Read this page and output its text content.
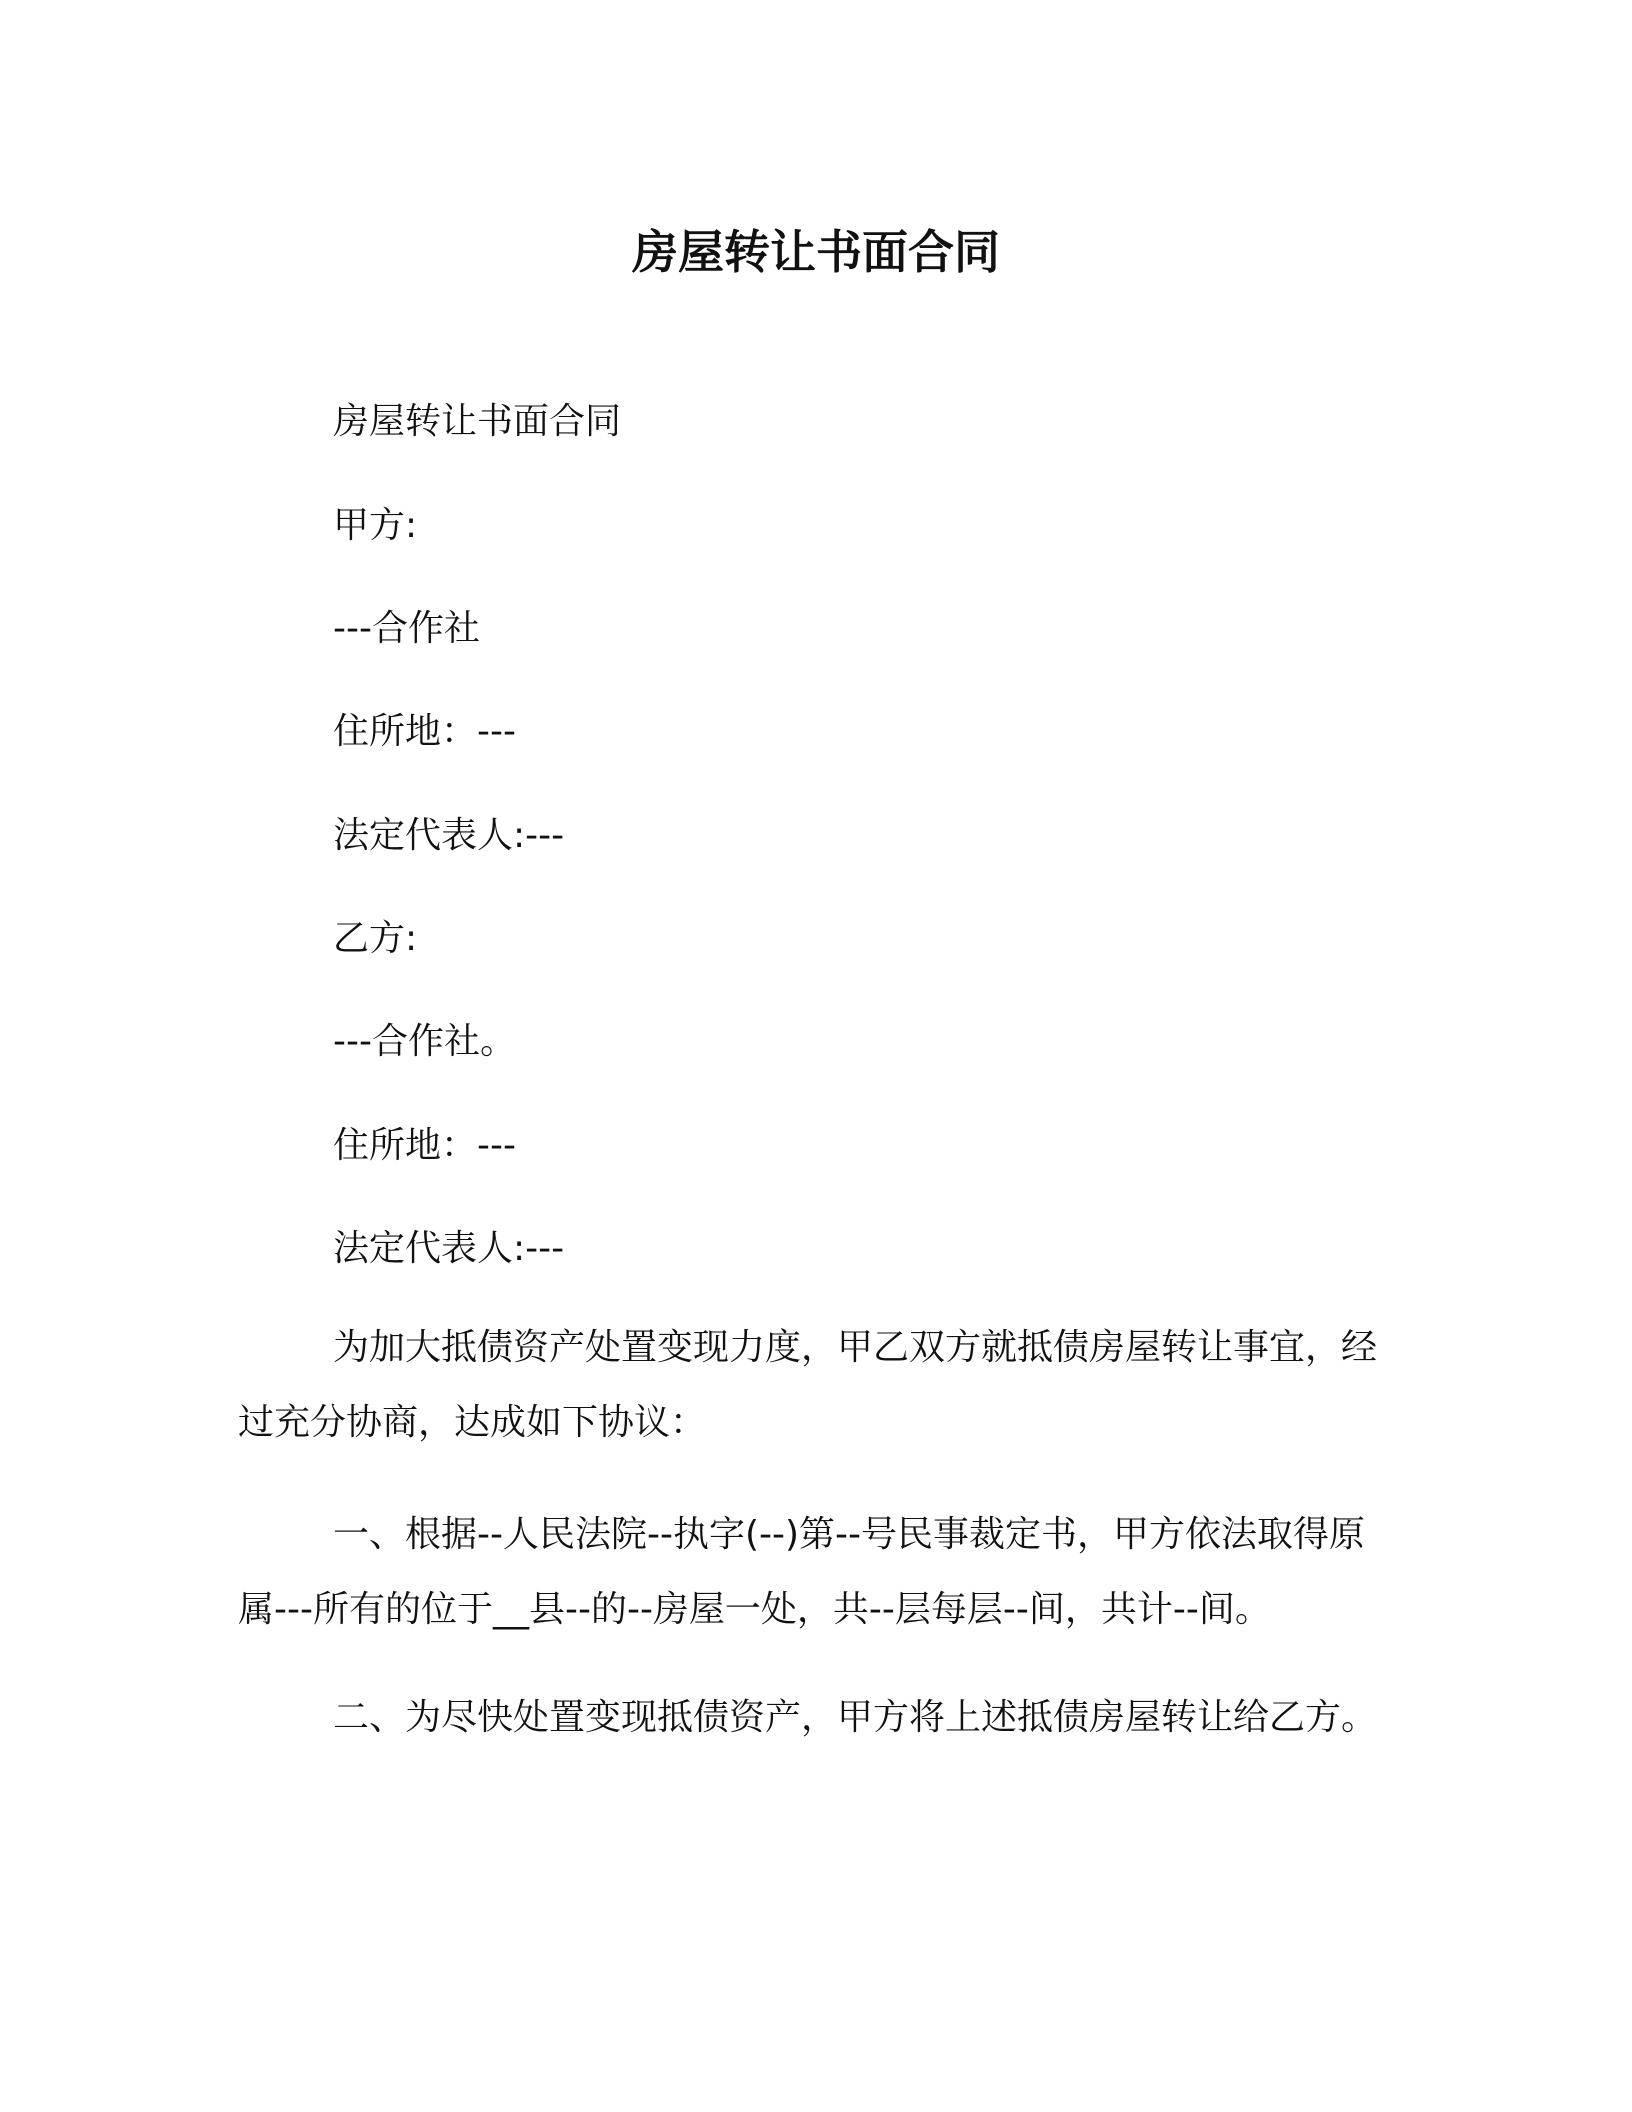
房屋转让书面合同
房屋转让书面合同
甲方:
---合作社
住所地：---
法定代表人:---
乙方:
---合作社。
住所地：---
法定代表人:---
为加大抵债资产处置变现力度，甲乙双方就抵债房屋转让事宜，经过充分协商，达成如下协议：
一、根据--人民法院--执字(--)第--号民事裁定书，甲方依法取得原属---所有的位于__县--的--房屋一处，共--层每层--间，共计--间。
二、为尽快处置变现抵债资产，甲方将上述抵债房屋转让给乙方。
